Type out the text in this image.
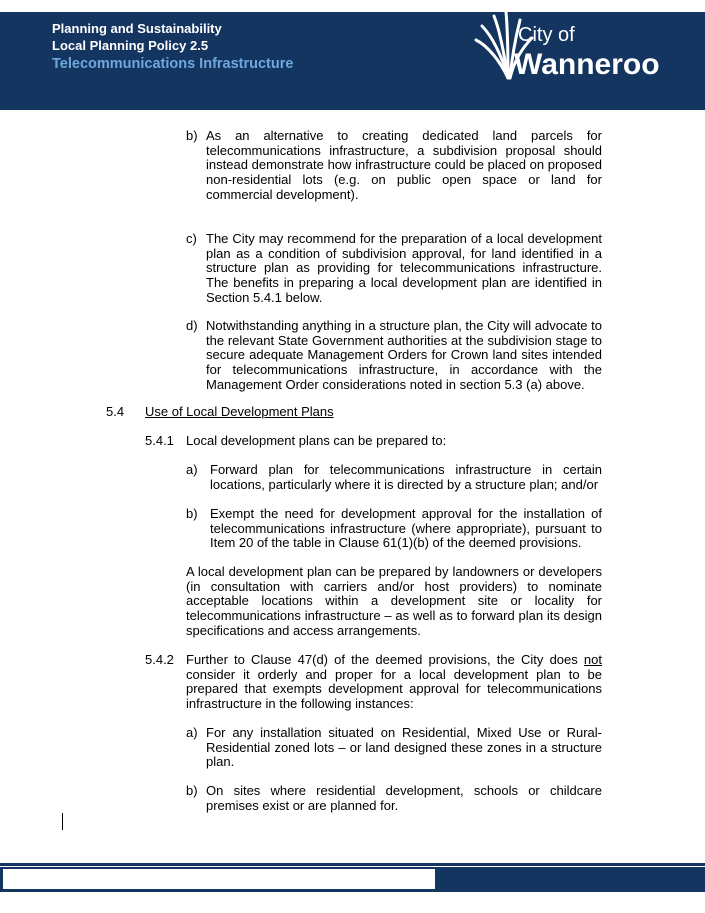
Planning and Sustainability
Local Planning Policy 2.5
Telecommunications Infrastructure
City of
Wanneroo
b) As an alternative to creating dedicated land parcels for telecommunications infrastructure, a subdivision proposal should instead demonstrate how infrastructure could be placed on proposed non-residential lots (e.g. on public open space or land for commercial development).
c) The City may recommend for the preparation of a local development plan as a condition of subdivision approval, for land identified in a structure plan as providing for telecommunications infrastructure. The benefits in preparing a local development plan are identified in Section 5.4.1 below.
d) Notwithstanding anything in a structure plan, the City will advocate to the relevant State Government authorities at the subdivision stage to secure adequate Management Orders for Crown land sites intended for telecommunications infrastructure, in accordance with the Management Order considerations noted in section 5.3 (a) above.
5.4 Use of Local Development Plans
5.4.1 Local development plans can be prepared to:
a) Forward plan for telecommunications infrastructure in certain locations, particularly where it is directed by a structure plan; and/or
b) Exempt the need for development approval for the installation of telecommunications infrastructure (where appropriate), pursuant to Item 20 of the table in Clause 61(1)(b) of the deemed provisions.
A local development plan can be prepared by landowners or developers (in consultation with carriers and/or host providers) to nominate acceptable locations within a development site or locality for telecommunications infrastructure – as well as to forward plan its design specifications and access arrangements.
5.4.2 Further to Clause 47(d) of the deemed provisions, the City does not consider it orderly and proper for a local development plan to be prepared that exempts development approval for telecommunications infrastructure in the following instances:
a) For any installation situated on Residential, Mixed Use or Rural-Residential zoned lots – or land designed these zones in a structure plan.
b) On sites where residential development, schools or childcare premises exist or are planned for.
